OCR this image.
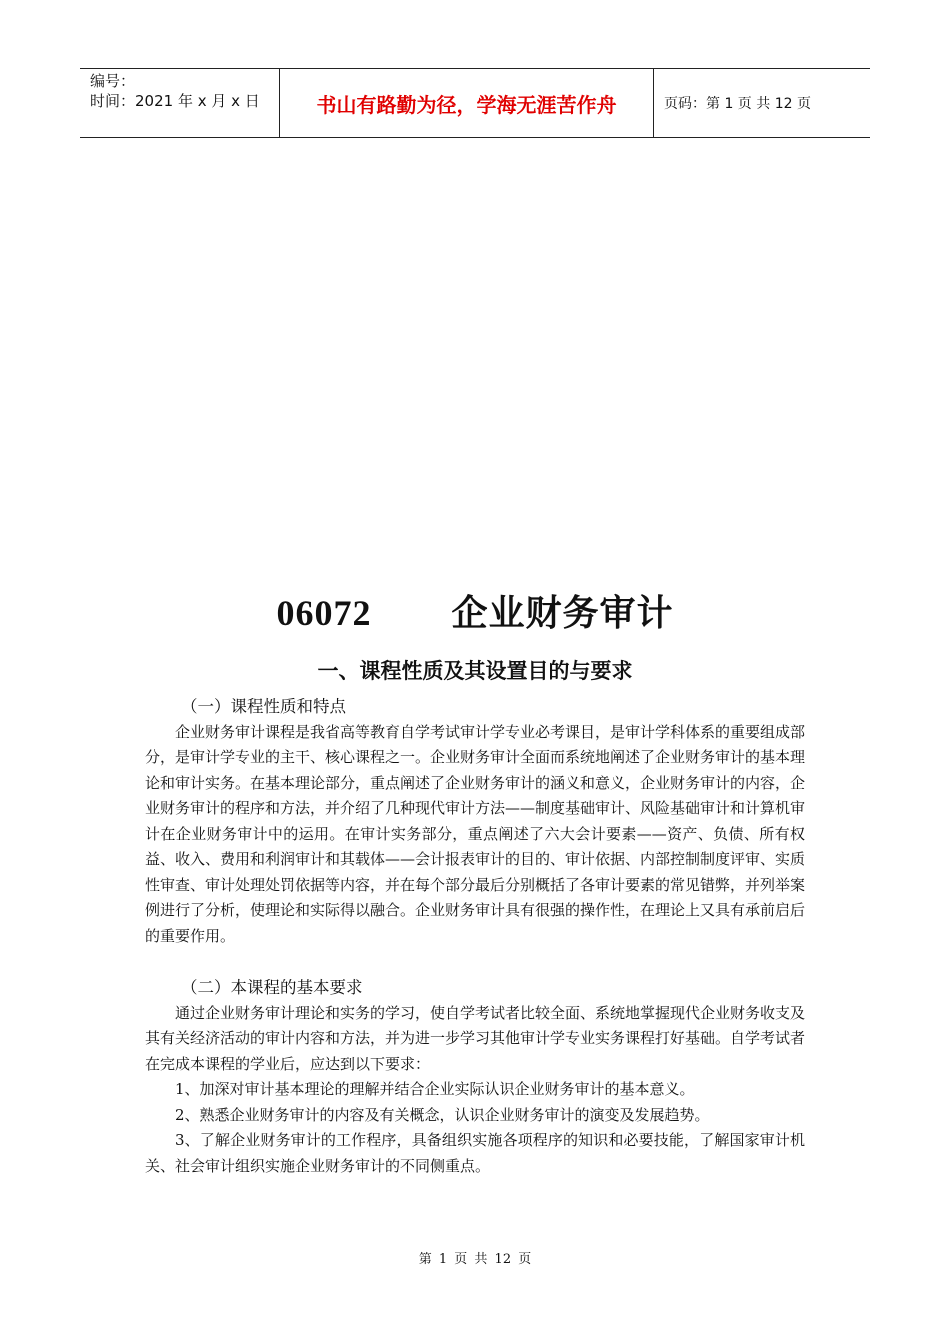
编号：
时间：2021 年 x 月 x 日	书山有路勤为径，学海无涯苦作舟	页码：第 1 页 共 12 页
06072 企业财务审计
一、课程性质及其设置目的与要求

（一）课程性质和特点

企业财务审计课程是我省高等教育自学考试审计学专业必考课目，是审计学科体系的重要组成部分，是审计学专业的主干、核心课程之一。企业财务审计全面而系统地阐述了企业财务审计的基本理论和审计实务。在基本理论部分，重点阐述了企业财务审计的涵义和意义，企业财务审计的内容，企业财务审计的程序和方法，并介绍了几种现代审计方法——制度基础审计、风险基础审计和计算机审计在企业财务审计中的运用。在审计实务部分，重点阐述了六大会计要素——资产、负债、所有权益、收入、费用和利润审计和其载体——会计报表审计的目的、审计依据、内部控制制度评审、实质性审查、审计处理处罚依据等内容，并在每个部分最后分别概括了各审计要素的常见错弊，并列举案例进行了分析，使理论和实际得以融合。企业财务审计具有很强的操作性，在理论上又具有承前启后的重要作用。

（二）本课程的基本要求

通过企业财务审计理论和实务的学习，使自学考试者比较全面、系统地掌握现代企业财务收支及其有关经济活动的审计内容和方法，并为进一步学习其他审计学专业实务课程打好基础。自学考试者在完成本课程的学业后，应达到以下要求：

1、加深对审计基本理论的理解并结合企业实际认识企业财务审计的基本意义。

2、熟悉企业财务审计的内容及有关概念，认识企业财务审计的演变及发展趋势。

3、了解企业财务审计的工作程序，具备组织实施各项程序的知识和必要技能，了解国家审计机关、社会审计组织实施企业财务审计的不同侧重点。

第 1 页 共 12 页
